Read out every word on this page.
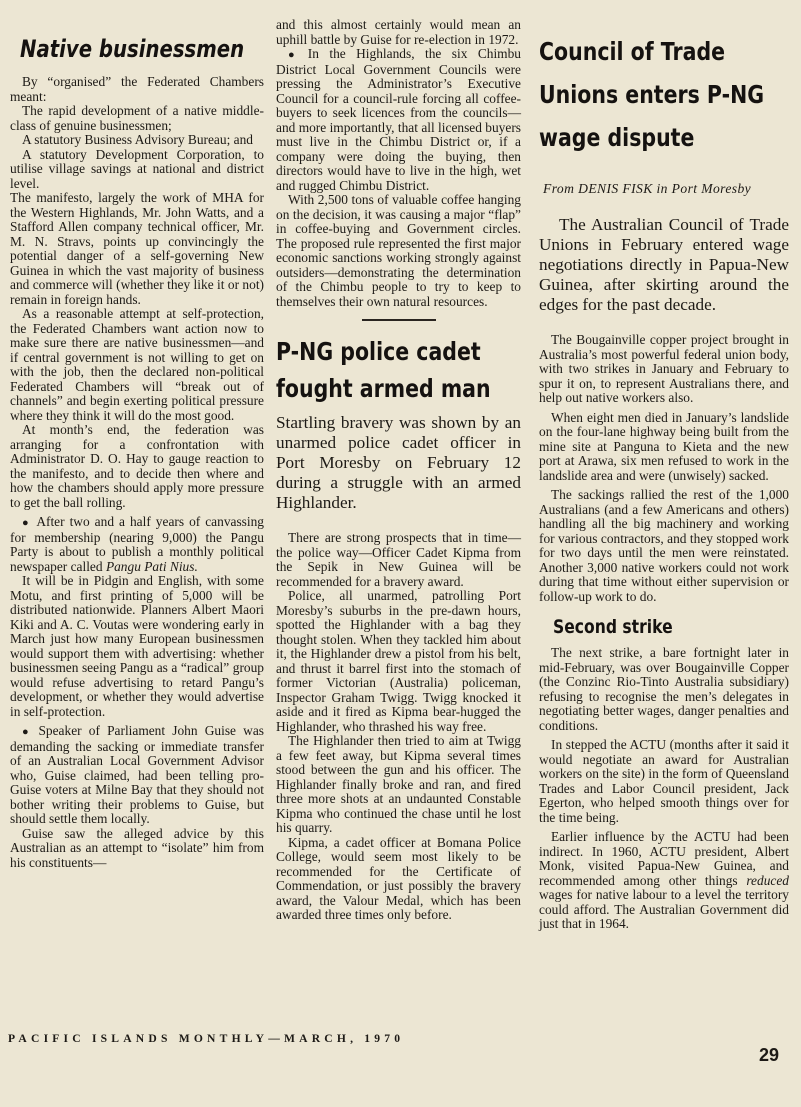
Native businessmen

By “organised” the Federated Chambers meant:

The rapid development of a native middle-class of genuine businessmen;

A statutory Business Advisory Bureau; and

A statutory Development Corporation, to utilise village savings at national and district level.

The manifesto, largely the work of MHA for the Western Highlands, Mr. John Watts, and a Stafford Allen company technical officer, Mr. M. N. Stravs, points up convincingly the potential danger of a self-governing New Guinea in which the vast majority of business and commerce will (whether they like it or not) remain in foreign hands.

As a reasonable attempt at self-protection, the Federated Chambers want action now to make sure there are native businessmen—and if central government is not willing to get on with the job, then the declared non-political Federated Chambers will “break out of channels” and begin exerting political pressure where they think it will do the most good.

At month’s end, the federation was arranging for a confrontation with Administrator D. O. Hay to gauge reaction to the manifesto, and to decide then where and how the chambers should apply more pressure to get the ball rolling.

● After two and a half years of canvassing for membership (nearing 9,000) the Pangu Party is about to publish a monthly political newspaper called Pangu Pati Nius.

It will be in Pidgin and English, with some Motu, and first printing of 5,000 will be distributed nationwide. Planners Albert Maori Kiki and A. C. Voutas were wondering early in March just how many European businessmen would support them with advertising: whether businessmen seeing Pangu as a “radical” group would refuse advertising to retard Pangu’s development, or whether they would advertise in self-protection.

● Speaker of Parliament John Guise was demanding the sacking or immediate transfer of an Australian Local Government Advisor who, Guise claimed, had been telling pro-Guise voters at Milne Bay that they should not bother writing their problems to Guise, but should settle them locally.

Guise saw the alleged advice by this Australian as an attempt to “isolate” him from his constituents—

and this almost certainly would mean an uphill battle by Guise for re-election in 1972.

● In the Highlands, the six Chimbu District Local Government Councils were pressing the Administrator’s Executive Council for a council-rule forcing all coffee-buyers to seek licences from the councils—and more importantly, that all licensed buyers must live in the Chimbu District or, if a company were doing the buying, then directors would have to live in the high, wet and rugged Chimbu District.

With 2,500 tons of valuable coffee hanging on the decision, it was causing a major “flap” in coffee-buying and Government circles. The proposed rule represented the first major economic sanctions working strongly against outsiders—demonstrating the determination of the Chimbu people to try to keep to themselves their own natural resources.

P-NG police cadet
fought armed man

Startling bravery was shown by an unarmed police cadet officer in Port Moresby on February 12 during a struggle with an armed Highlander.

There are strong prospects that in time—the police way—Officer Cadet Kipma from the Sepik in New Guinea will be recommended for a bravery award.

Police, all unarmed, patrolling Port Moresby’s suburbs in the pre-dawn hours, spotted the Highlander with a bag they thought stolen. When they tackled him about it, the Highlander drew a pistol from his belt, and thrust it barrel first into the stomach of former Victorian (Australia) policeman, Inspector Graham Twigg. Twigg knocked it aside and it fired as Kipma bear-hugged the Highlander, who thrashed his way free.

The Highlander then tried to aim at Twigg a few feet away, but Kipma several times stood between the gun and his officer. The Highlander finally broke and ran, and fired three more shots at an undaunted Constable Kipma who continued the chase until he lost his quarry.

Kipma, a cadet officer at Bomana Police College, would seem most likely to be recommended for the Certificate of Commendation, or just possibly the bravery award, the Valour Medal, which has been awarded three times only before.

Council of Trade
Unions enters P-NG
wage dispute
From DENIS FISK in Port Moresby

The Australian Council of Trade Unions in February entered wage negotiations directly in Papua-New Guinea, after skirting around the edges for the past decade.

The Bougainville copper project brought in Australia’s most powerful federal union body, with two strikes in January and February to spur it on, to represent Australians there, and help out native workers also.

When eight men died in January’s landslide on the four-lane highway being built from the mine site at Panguna to Kieta and the new port at Arawa, six men refused to work in the landslide area and were (unwisely) sacked.

The sackings rallied the rest of the 1,000 Australians (and a few Americans and others) handling all the big machinery and working for various contractors, and they stopped work for two days until the men were reinstated. Another 3,000 native workers could not work during that time without either supervision or follow-up work to do.

Second strike

The next strike, a bare fortnight later in mid-February, was over Bougainville Copper (the Conzinc Rio-Tinto Australia subsidiary) refusing to recognise the men’s delegates in negotiating better wages, danger penalties and conditions.

In stepped the ACTU (months after it said it would negotiate an award for Australian workers on the site) in the form of Queensland Trades and Labor Council president, Jack Egerton, who helped smooth things over for the time being.

Earlier influence by the ACTU had been indirect. In 1960, ACTU president, Albert Monk, visited Papua-New Guinea, and recommended among other things reduced wages for native labour to a level the territory could afford. The Australian Government did just that in 1964.

PACIFIC ISLANDS MONTHLY—MARCH, 1970
29
